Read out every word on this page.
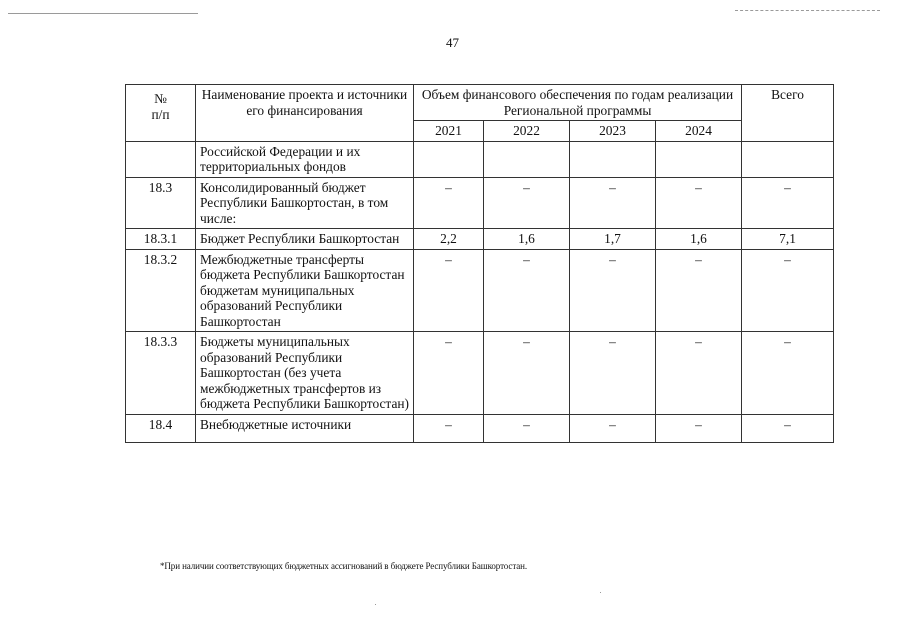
47
№
п/п	Наименование проекта и источники его финансирования	Объем финансового обеспечения по годам реализации Региональной программы				Всего
		2021	2022	2023	2024	
	Российской Федерации и их территориальных фондов					
18.3	Консолидированный бюджет Республики Башкортостан, в том числе:	–	–	–	–	–
18.3.1	Бюджет Республики Башкортостан	2,2	1,6	1,7	1,6	7,1
18.3.2	Межбюджетные трансферты бюджета Республики Башкортостан бюджетам муниципальных образований Республики Башкортостан	–	–	–	–	–
18.3.3	Бюджеты муниципальных образований Республики Башкортостан (без учета межбюджетных трансфертов из бюджета Республики Башкортостан)	–	–	–	–	–
18.4	Внебюджетные источники	–	–	–	–	–
*При наличии соответствующих бюджетных ассигнований в бюджете Республики Башкортостан.
